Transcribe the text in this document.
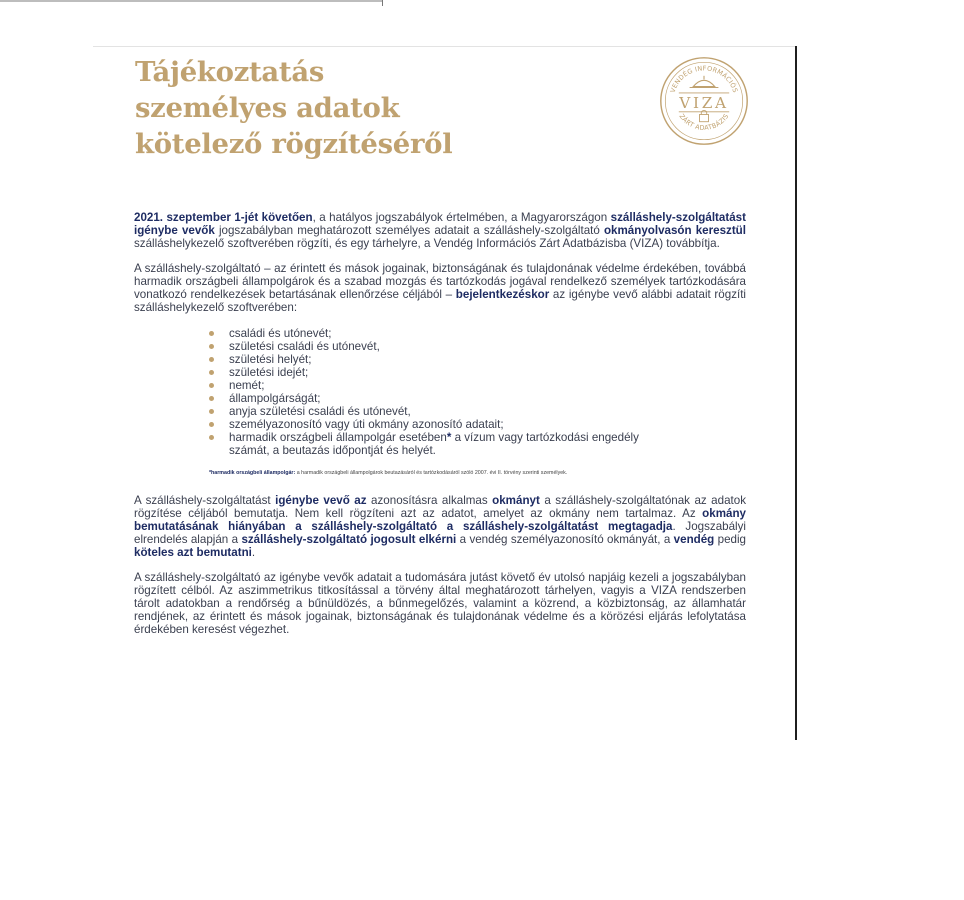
Tájékoztatás
személyes adatok
kötelező rögzítéséről
VENDÉG INFORMÁCIÓS
VIZA
ZÁRT ADATBÁZIS

2021. szeptember 1-jét követően, a hatályos jogszabályok értelmében, a Magyarországon szálláshely-szolgáltatást igénybe vevők jogszabályban meghatározott személyes adatait a szálláshely-szolgáltató okmányolvasón keresztül szálláshelykezelő szoftverében rögzíti, és egy tárhelyre, a Vendég Információs Zárt Adatbázisba (VIZA) továbbítja.

A szálláshely-szolgáltató – az érintett és mások jogainak, biztonságának és tulajdonának védelme érdekében, továbbá harmadik országbeli állampolgárok és a szabad mozgás és tartózkodás jogával rendelkező személyek tartózkodására vonatkozó rendelkezések betartásának ellenőrzése céljából – bejelentkezéskor az igénybe vevő alábbi adatait rögzíti szálláshelykezelő szoftverében:

családi és utónevét;
születési családi és utónevét,
születési helyét;
születési idejét;
nemét;
állampolgárságát;
anyja születési családi és utónevét,
személyazonosító vagy úti okmány azonosító adatait;
harmadik országbeli állampolgár esetében* a vízum vagy tartózkodási engedély számát, a beutazás időpontját és helyét.

*harmadik országbeli állampolgár: a harmadik országbeli állampolgárok beutazásáról és tartózkodásáról szóló 2007. évi II. törvény szerinti személyek.

A szálláshely-szolgáltatást igénybe vevő az azonosításra alkalmas okmányt a szálláshely-szolgáltatónak az adatok rögzítése céljából bemutatja. Nem kell rögzíteni azt az adatot, amelyet az okmány nem tartalmaz. Az okmány bemutatásának hiányában a szálláshely-szolgáltató a szálláshely-szolgáltatást megtagadja. Jogszabályi elrendelés alapján a szálláshely-szolgáltató jogosult elkérni a vendég személyazonosító okmányát, a vendég pedig köteles azt bemutatni.

A szálláshely-szolgáltató az igénybe vevők adatait a tudomására jutást követő év utolsó napjáig kezeli a jogszabályban rögzített célból. Az aszimmetrikus titkosítással a törvény által meghatározott tárhelyen, vagyis a VIZA rendszerben tárolt adatokban a rendőrség a bűnüldözés, a bűnmegelőzés, valamint a közrend, a közbiztonság, az államhatár rendjének, az érintett és mások jogainak, biztonságának és tulajdonának védelme és a körözési eljárás lefolytatása érdekében keresést végezhet.
